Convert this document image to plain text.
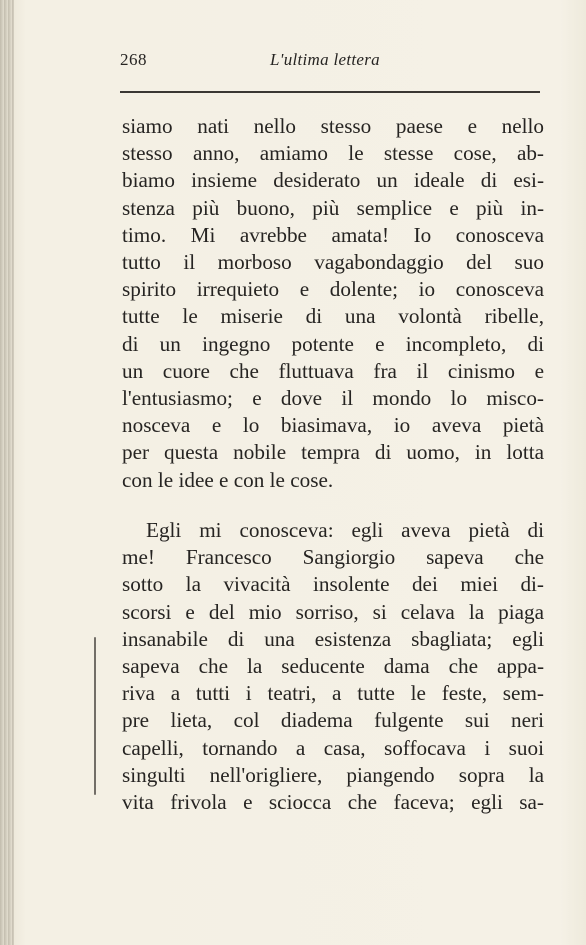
268	L'ultima lettera
siamo nati nello stesso paese e nello
stesso anno, amiamo le stesse cose, ab-
biamo insieme desiderato un ideale di esi-
stenza più buono, più semplice e più in-
timo. Mi avrebbe amata! Io conosceva
tutto il morboso vagabondaggio del suo
spirito irrequieto e dolente; io conosceva
tutte le miserie di una volontà ribelle,
di un ingegno potente e incompleto, di
un cuore che fluttuava fra il cinismo e
l'entusiasmo; e dove il mondo lo misco-
nosceva e lo biasimava, io aveva pietà
per questa nobile tempra di uomo, in lotta
con le idee e con le cose.
Egli mi conosceva: egli aveva pietà di
me! Francesco Sangiorgio sapeva che
sotto la vivacità insolente dei miei di-
scorsi e del mio sorriso, si celava la piaga
insanabile di una esistenza sbagliata; egli
sapeva che la seducente dama che appa-
riva a tutti i teatri, a tutte le feste, sem-
pre lieta, col diadema fulgente sui neri
capelli, tornando a casa, soffocava i suoi
singulti nell'origliere, piangendo sopra la
vita frivola e sciocca che faceva; egli sa-
